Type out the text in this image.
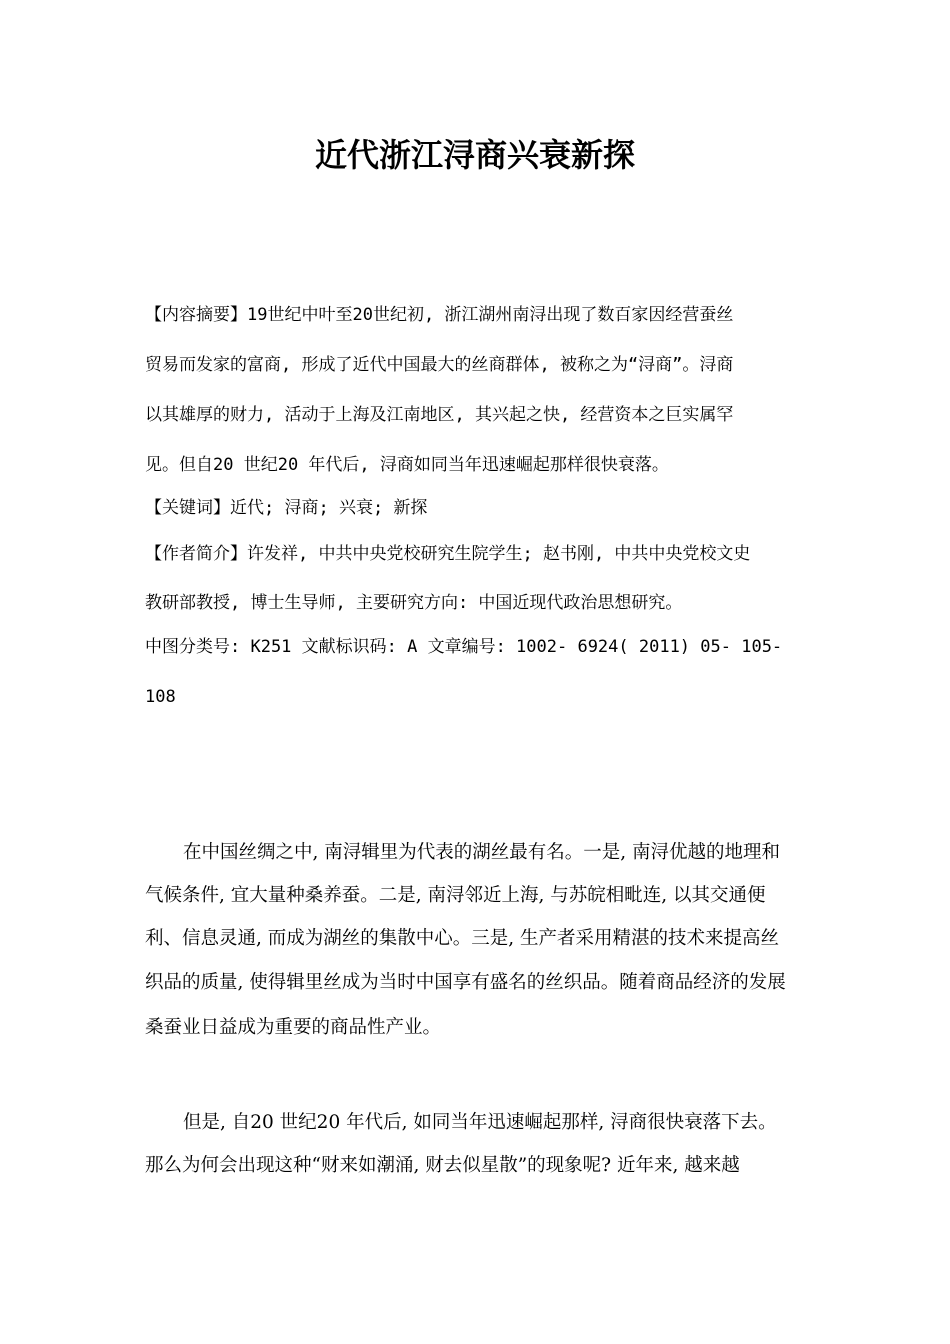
近代浙江浔商兴衰新探

【内容摘要】19世纪中叶至20世纪初, 浙江湖州南浔出现了数百家因经营蚕丝

贸易而发家的富商, 形成了近代中国最大的丝商群体, 被称之为“浔商”。浔商

以其雄厚的财力, 活动于上海及江南地区, 其兴起之快, 经营资本之巨实属罕

见。但自20 世纪20 年代后, 浔商如同当年迅速崛起那样很快衰落。

【关键词】近代; 浔商; 兴衰; 新探

【作者简介】许发祥, 中共中央党校研究生院学生; 赵书刚, 中共中央党校文史

教研部教授, 博士生导师, 主要研究方向: 中国近现代政治思想研究。

中图分类号: K251 文献标识码: A 文章编号: 1002- 6924( 2011) 05- 105-

108

在中国丝绸之中, 南浔辑里为代表的湖丝最有名。一是, 南浔优越的地理和

气候条件, 宜大量种桑养蚕。二是, 南浔邻近上海, 与苏皖相毗连, 以其交通便

利、信息灵通, 而成为湖丝的集散中心。三是, 生产者采用精湛的技术来提高丝

织品的质量, 使得辑里丝成为当时中国享有盛名的丝织品。随着商品经济的发展

桑蚕业日益成为重要的商品性产业。

但是, 自20 世纪20 年代后, 如同当年迅速崛起那样, 浔商很快衰落下去。

那么为何会出现这种“财来如潮涌, 财去似星散”的现象呢? 近年来, 越来越
